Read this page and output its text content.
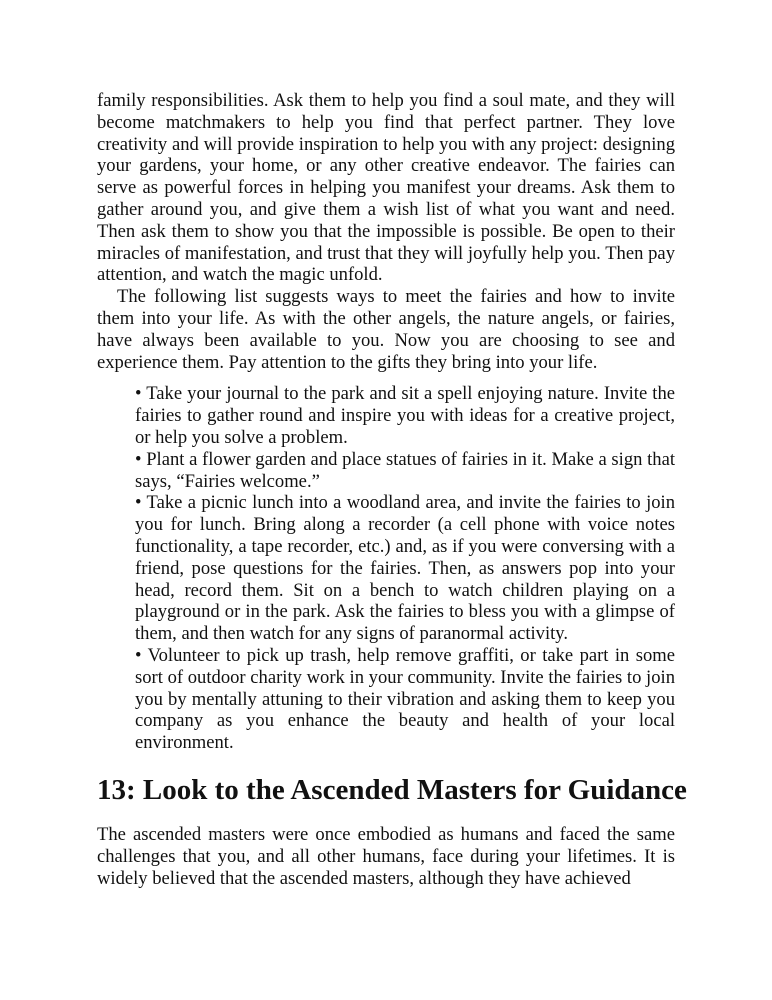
family responsibilities. Ask them to help you find a soul mate, and they will become matchmakers to help you find that perfect partner. They love creativity and will provide inspiration to help you with any project: designing your gardens, your home, or any other creative endeavor. The fairies can serve as powerful forces in helping you manifest your dreams. Ask them to gather around you, and give them a wish list of what you want and need. Then ask them to show you that the impossible is possible. Be open to their miracles of manifestation, and trust that they will joyfully help you. Then pay attention, and watch the magic unfold.

The following list suggests ways to meet the fairies and how to invite them into your life. As with the other angels, the nature angels, or fairies, have always been available to you. Now you are choosing to see and experience them. Pay attention to the gifts they bring into your life.

• Take your journal to the park and sit a spell enjoying nature. Invite the fairies to gather round and inspire you with ideas for a creative project, or help you solve a problem.
• Plant a flower garden and place statues of fairies in it. Make a sign that says, “Fairies welcome.”
• Take a picnic lunch into a woodland area, and invite the fairies to join you for lunch. Bring along a recorder (a cell phone with voice notes functionality, a tape recorder, etc.) and, as if you were conversing with a friend, pose questions for the fairies. Then, as answers pop into your head, record them. Sit on a bench to watch children playing on a playground or in the park. Ask the fairies to bless you with a glimpse of them, and then watch for any signs of paranormal activity.
• Volunteer to pick up trash, help remove graffiti, or take part in some sort of outdoor charity work in your community. Invite the fairies to join you by mentally attuning to their vibration and asking them to keep you company as you enhance the beauty and health of your local environment.
13: Look to the Ascended Masters for Guidance

The ascended masters were once embodied as humans and faced the same challenges that you, and all other humans, face during your lifetimes. It is widely believed that the ascended masters, although they have achieved
